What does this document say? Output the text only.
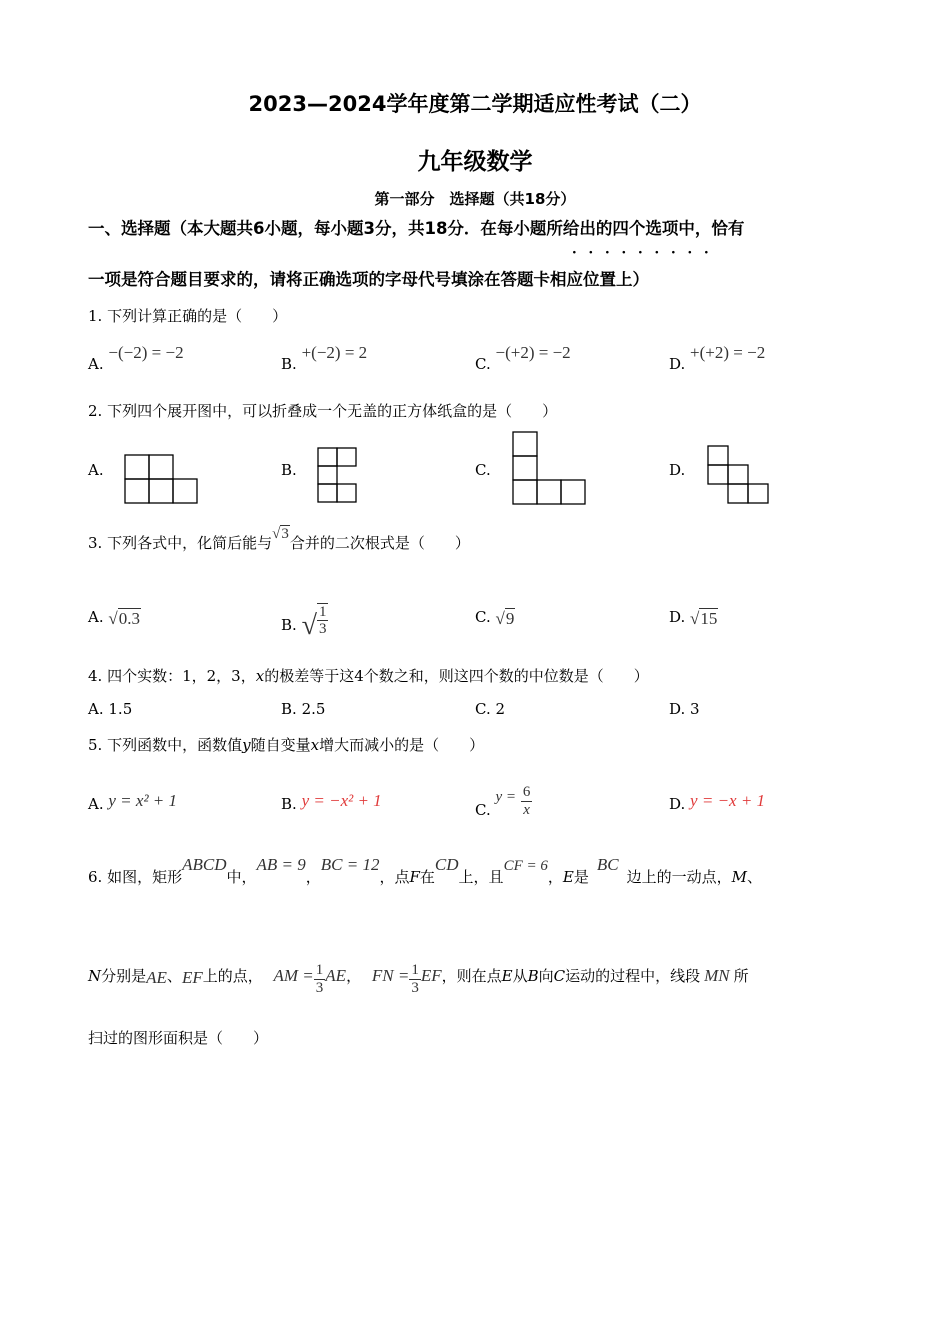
2023—2024学年度第二学期适应性考试（二）
九年级数学
第一部分　选择题（共18分）
一、选择题（本大题共6小题，每小题3分，共18分．在每小题所给出的四个选项中，恰有
一项是符合题目要求的，请将正确选项的字母代号填涂在答题卡相应位置上）
· · · · · · · · ·
1. 下列计算正确的是（　　）
A. −(−2) = −2
B. +(−2) = 2
C. −(+2) = −2
D. +(+2) = −2
2. 下列四个展开图中，可以折叠成一个无盖的正方体纸盒的是（　　）
A.	B.	C.	D.
3. 下列各式中，化简后能与√3合并的二次根式是（　　）
A. √0.3	B. √ $\frac{1}{3}$	C. √9	D. √15
4. 四个实数：1，2，3，x的极差等于这4个数之和，则这四个数的中位数是（　　）
A. 1.5	B. 2.5	C. 2	D. 3
5. 下列函数中，函数值y随自变量x增大而减小的是（　　）
A. y = x² + 1	B. y = −x² + 1	C. $y = \frac{6}{x}$	D. y = −x + 1
6. 如图，矩形ABCD中，AB = 9，BC = 12，点F在CD上，且CF = 6，E是BC边上的一动点，M、
N分别是AE、EF上的点， AM = $\frac{1}{3}$ AE， FN = $\frac{1}{3}$ EF，则在点E从B向C运动的过程中，线段 MN 所
扫过的图形面积是（　　）
